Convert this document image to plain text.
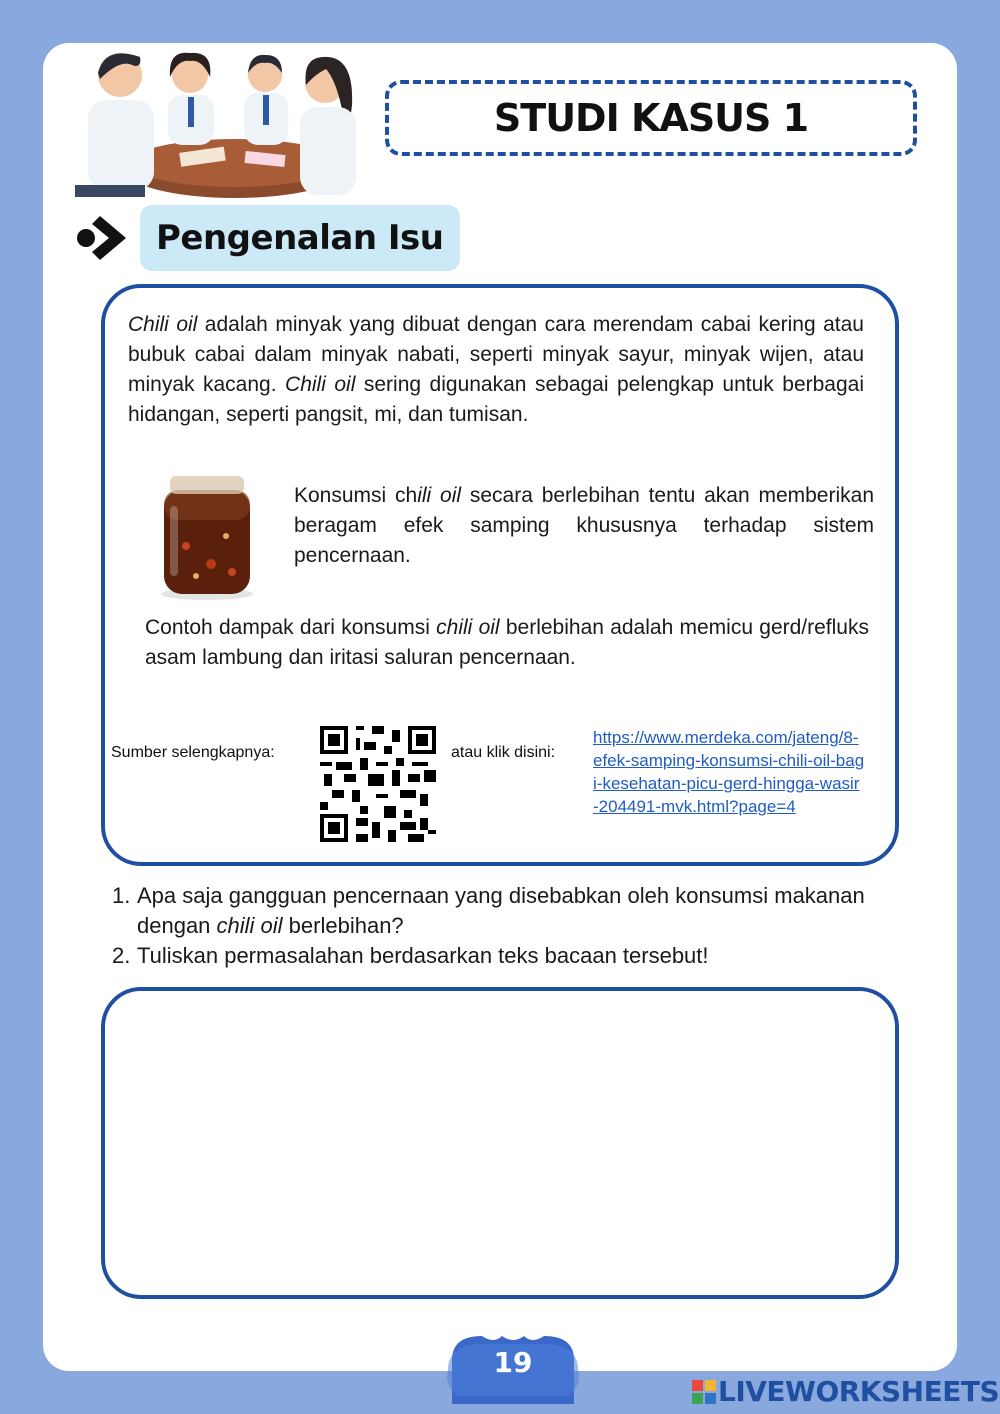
STUDI KASUS 1
Pengenalan Isu

Chili oil adalah minyak yang dibuat dengan cara merendam cabai kering atau bubuk cabai dalam minyak nabati, seperti minyak sayur, minyak wijen, atau minyak kacang. Chili oil sering digunakan sebagai pelengkap untuk berbagai hidangan, seperti pangsit, mi, dan tumisan.

Konsumsi chili oil secara berlebihan tentu akan memberikan beragam efek samping khususnya terhadap sistem pencernaan.

Contoh dampak dari konsumsi chili oil berlebihan adalah memicu gerd/refluks asam lambung dan iritasi saluran pencernaan.

Sumber selengkapnya:	atau klik disini:
https://www.merdeka.com/jateng/8-efek-samping-konsumsi-chili-oil-bagi-kesehatan-picu-gerd-hingga-wasir-204491-mvk.html?page=4
1. Apa saja gangguan pencernaan yang disebabkan oleh konsumsi makanan dengan chili oil berlebihan?
2. Tuliskan permasalahan berdasarkan teks bacaan tersebut!
19
LIVEWORKSHEETS
